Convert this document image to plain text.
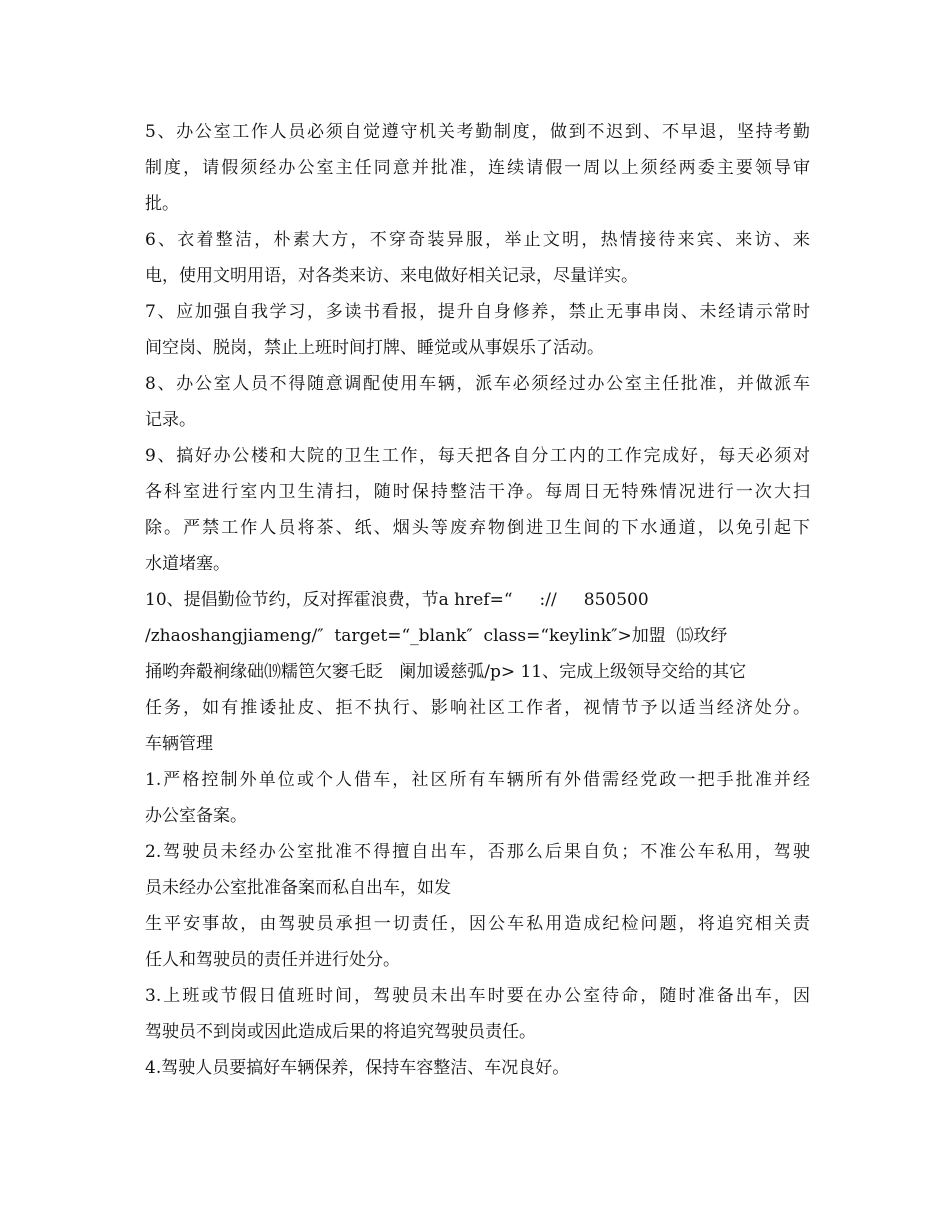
5、办公室工作人员必须自觉遵守机关考勤制度，做到不迟到、不早退，坚持考勤
制度，请假须经办公室主任同意并批准，连续请假一周以上须经两委主要领导审
批。
6、衣着整洁，朴素大方，不穿奇装异服，举止文明，热情接待来宾、来访、来
电，使用文明用语，对各类来访、来电做好相关记录，尽量详实。
7、应加强自我学习，多读书看报，提升自身修养，禁止无事串岗、未经请示常时
间空岗、脱岗，禁止上班时间打牌、睡觉或从事娱乐了活动。
8、办公室人员不得随意调配使用车辆，派车必须经过办公室主任批准，并做派车
记录。
9、搞好办公楼和大院的卫生工作，每天把各自分工内的工作完成好，每天必须对
各科室进行室内卫生清扫，随时保持整洁干净。每周日无特殊情况进行一次大扫
除。严禁工作人员将茶、纸、烟头等废弃物倒进卫生间的下水通道，以免引起下
水道堵塞。
10、提倡勤俭节约，反对挥霍浪费，节a href=“     ://     850500
/zhaoshangjiameng/″  target=“_blank″  class=“keylink″>加盟  ⒂玫纾
捅哟奔觳裥缘础⒆糯笆欠窭乇眨   阑加谖慈弧/p> 11、完成上级领导交给的其它
任务，如有推诿扯皮、拒不执行、影响社区工作者，视情节予以适当经济处分。
车辆管理
1.严格控制外单位或个人借车，社区所有车辆所有外借需经党政一把手批准并经
办公室备案。
2.驾驶员未经办公室批准不得擅自出车，否那么后果自负；不准公车私用，驾驶
员未经办公室批准备案而私自出车，如发
生平安事故，由驾驶员承担一切责任，因公车私用造成纪检问题，将追究相关责
任人和驾驶员的责任并进行处分。
3.上班或节假日值班时间，驾驶员未出车时要在办公室待命，随时准备出车，因
驾驶员不到岗或因此造成后果的将追究驾驶员责任。
4.驾驶人员要搞好车辆保养，保持车容整洁、车况良好。
